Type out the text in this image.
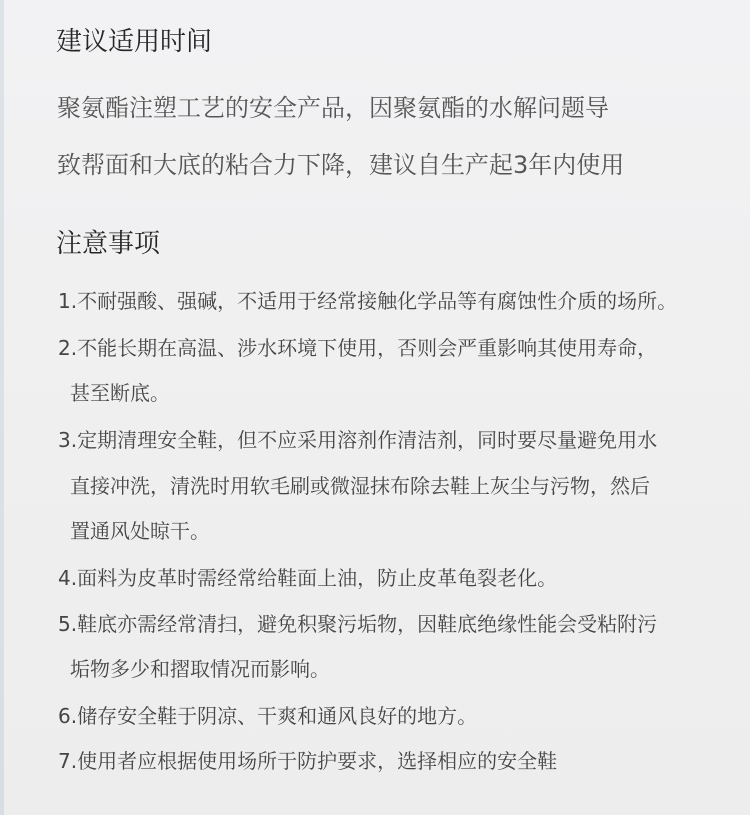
建议适用时间
聚氨酯注塑工艺的安全产品，因聚氨酯的水解问题导
致帮面和大底的粘合力下降，建议自生产起3年内使用
注意事项
1.不耐强酸、强碱，不适用于经常接触化学品等有腐蚀性介质的场所。
2.不能长期在高温、涉水环境下使用，否则会严重影响其使用寿命，
甚至断底。
3.定期清理安全鞋，但不应采用溶剂作清洁剂，同时要尽量避免用水
直接冲洗，清洗时用软毛刷或微湿抹布除去鞋上灰尘与污物，然后
置通风处晾干。
4.面料为皮革时需经常给鞋面上油，防止皮革龟裂老化。
5.鞋底亦需经常清扫，避免积聚污垢物，因鞋底绝缘性能会受粘附污
垢物多少和摺取情况而影响。
6.储存安全鞋于阴凉、干爽和通风良好的地方。
7.使用者应根据使用场所于防护要求，选择相应的安全鞋
